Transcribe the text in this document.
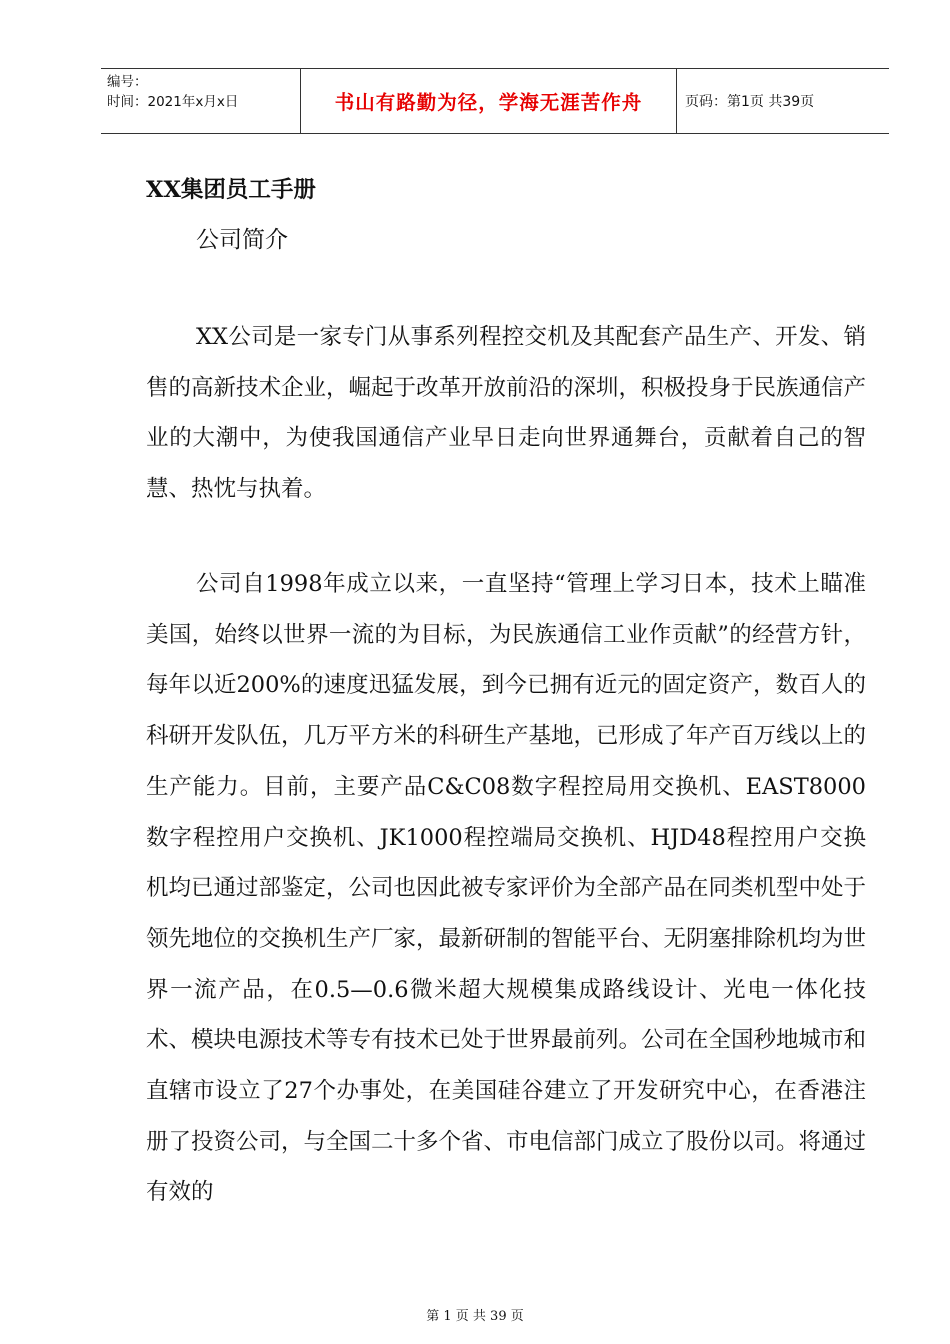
编号：
时间：2021年x月x日	书山有路勤为径，学海无涯苦作舟	页码：第1页 共39页
XX集团员工手册
公司简介

XX公司是一家专门从事系列程控交机及其配套产品生产、开发、销售的高新技术企业，崛起于改革开放前沿的深圳，积极投身于民族通信产业的大潮中，为使我国通信产业早日走向世界通舞台，贡献着自己的智慧、热忱与执着。

公司自1998年成立以来，一直坚持“管理上学习日本，技术上瞄准美国，始终以世界一流的为目标，为民族通信工业作贡献”的经营方针，每年以近200%的速度迅猛发展，到今已拥有近元的固定资产，数百人的科研开发队伍，几万平方米的科研生产基地，已形成了年产百万线以上的生产能力。目前，主要产品C&C08数字程控局用交换机、EAST8000数字程控用户交换机、JK1000程控端局交换机、HJD48程控用户交换机均已通过部鉴定，公司也因此被专家评价为全部产品在同类机型中处于领先地位的交换机生产厂家，最新研制的智能平台、无阴塞排除机均为世界一流产品，在0.5—0.6微米超大规模集成路线设计、光电一体化技术、模块电源技术等专有技术已处于世界最前列。公司在全国秒地城市和直辖市设立了27个办事处，在美国硅谷建立了开发研究中心，在香港注册了投资公司，与全国二十多个省、市电信部门成立了股份以司。将通过有效的

第 1 页 共 39 页
